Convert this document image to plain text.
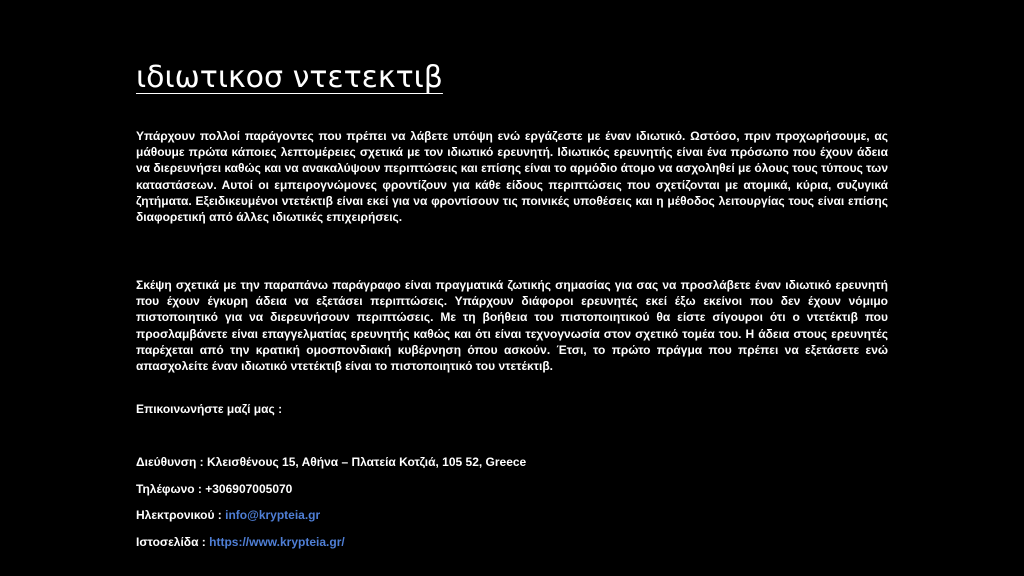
ιδιωτικοσ ντετεκτιβ

Υπάρχουν πολλοί παράγοντες που πρέπει να λάβετε υπόψη ενώ εργάζεστε με έναν ιδιωτικό. Ωστόσο, πριν προχωρήσουμε, ας μάθουμε πρώτα κάποιες λεπτομέρειες σχετικά με τον ιδιωτικό ερευνητή. Ιδιωτικός ερευνητής είναι ένα πρόσωπο που έχουν άδεια να διερευνήσει καθώς και να ανακαλύψουν περιπτώσεις και επίσης είναι το αρμόδιο άτομο να ασχοληθεί με όλους τους τύπους των καταστάσεων. Αυτοί οι εμπειρογνώμονες φροντίζουν για κάθε είδους περιπτώσεις που σχετίζονται με ατομικά, κύρια, συζυγικά ζητήματα. Εξειδικευμένοι ντετέκτιβ είναι εκεί για να φροντίσουν τις ποινικές υποθέσεις και η μέθοδος λειτουργίας τους είναι επίσης διαφορετική από άλλες ιδιωτικές επιχειρήσεις.

Σκέψη σχετικά με την παραπάνω παράγραφο είναι πραγματικά ζωτικής σημασίας για σας να προσλάβετε έναν ιδιωτικό ερευνητή που έχουν έγκυρη άδεια να εξετάσει περιπτώσεις. Υπάρχουν διάφοροι ερευνητές εκεί έξω εκείνοι που δεν έχουν νόμιμο πιστοποιητικό για να διερευνήσουν περιπτώσεις. Με τη βοήθεια του πιστοποιητικού θα είστε σίγουροι ότι ο ντετέκτιβ που προσλαμβάνετε είναι επαγγελματίας ερευνητής καθώς και ότι είναι τεχνογνωσία στον σχετικό τομέα του. Η άδεια στους ερευνητές παρέχεται από την κρατική ομοσπονδιακή κυβέρνηση όπου ασκούν. Έτσι, το πρώτο πράγμα που πρέπει να εξετάσετε ενώ απασχολείτε έναν ιδιωτικό ντετέκτιβ είναι το πιστοποιητικό του ντετέκτιβ.

Επικοινωνήστε μαζί μας :

Διεύθυνση : Κλεισθένους 15, Αθήνα – Πλατεία Κοτζιά, 105 52, Greece

Τηλέφωνο : +306907005070

Ηλεκτρονικού : info@krypteia.gr

Ιστοσελίδα : https://www.krypteia.gr/
